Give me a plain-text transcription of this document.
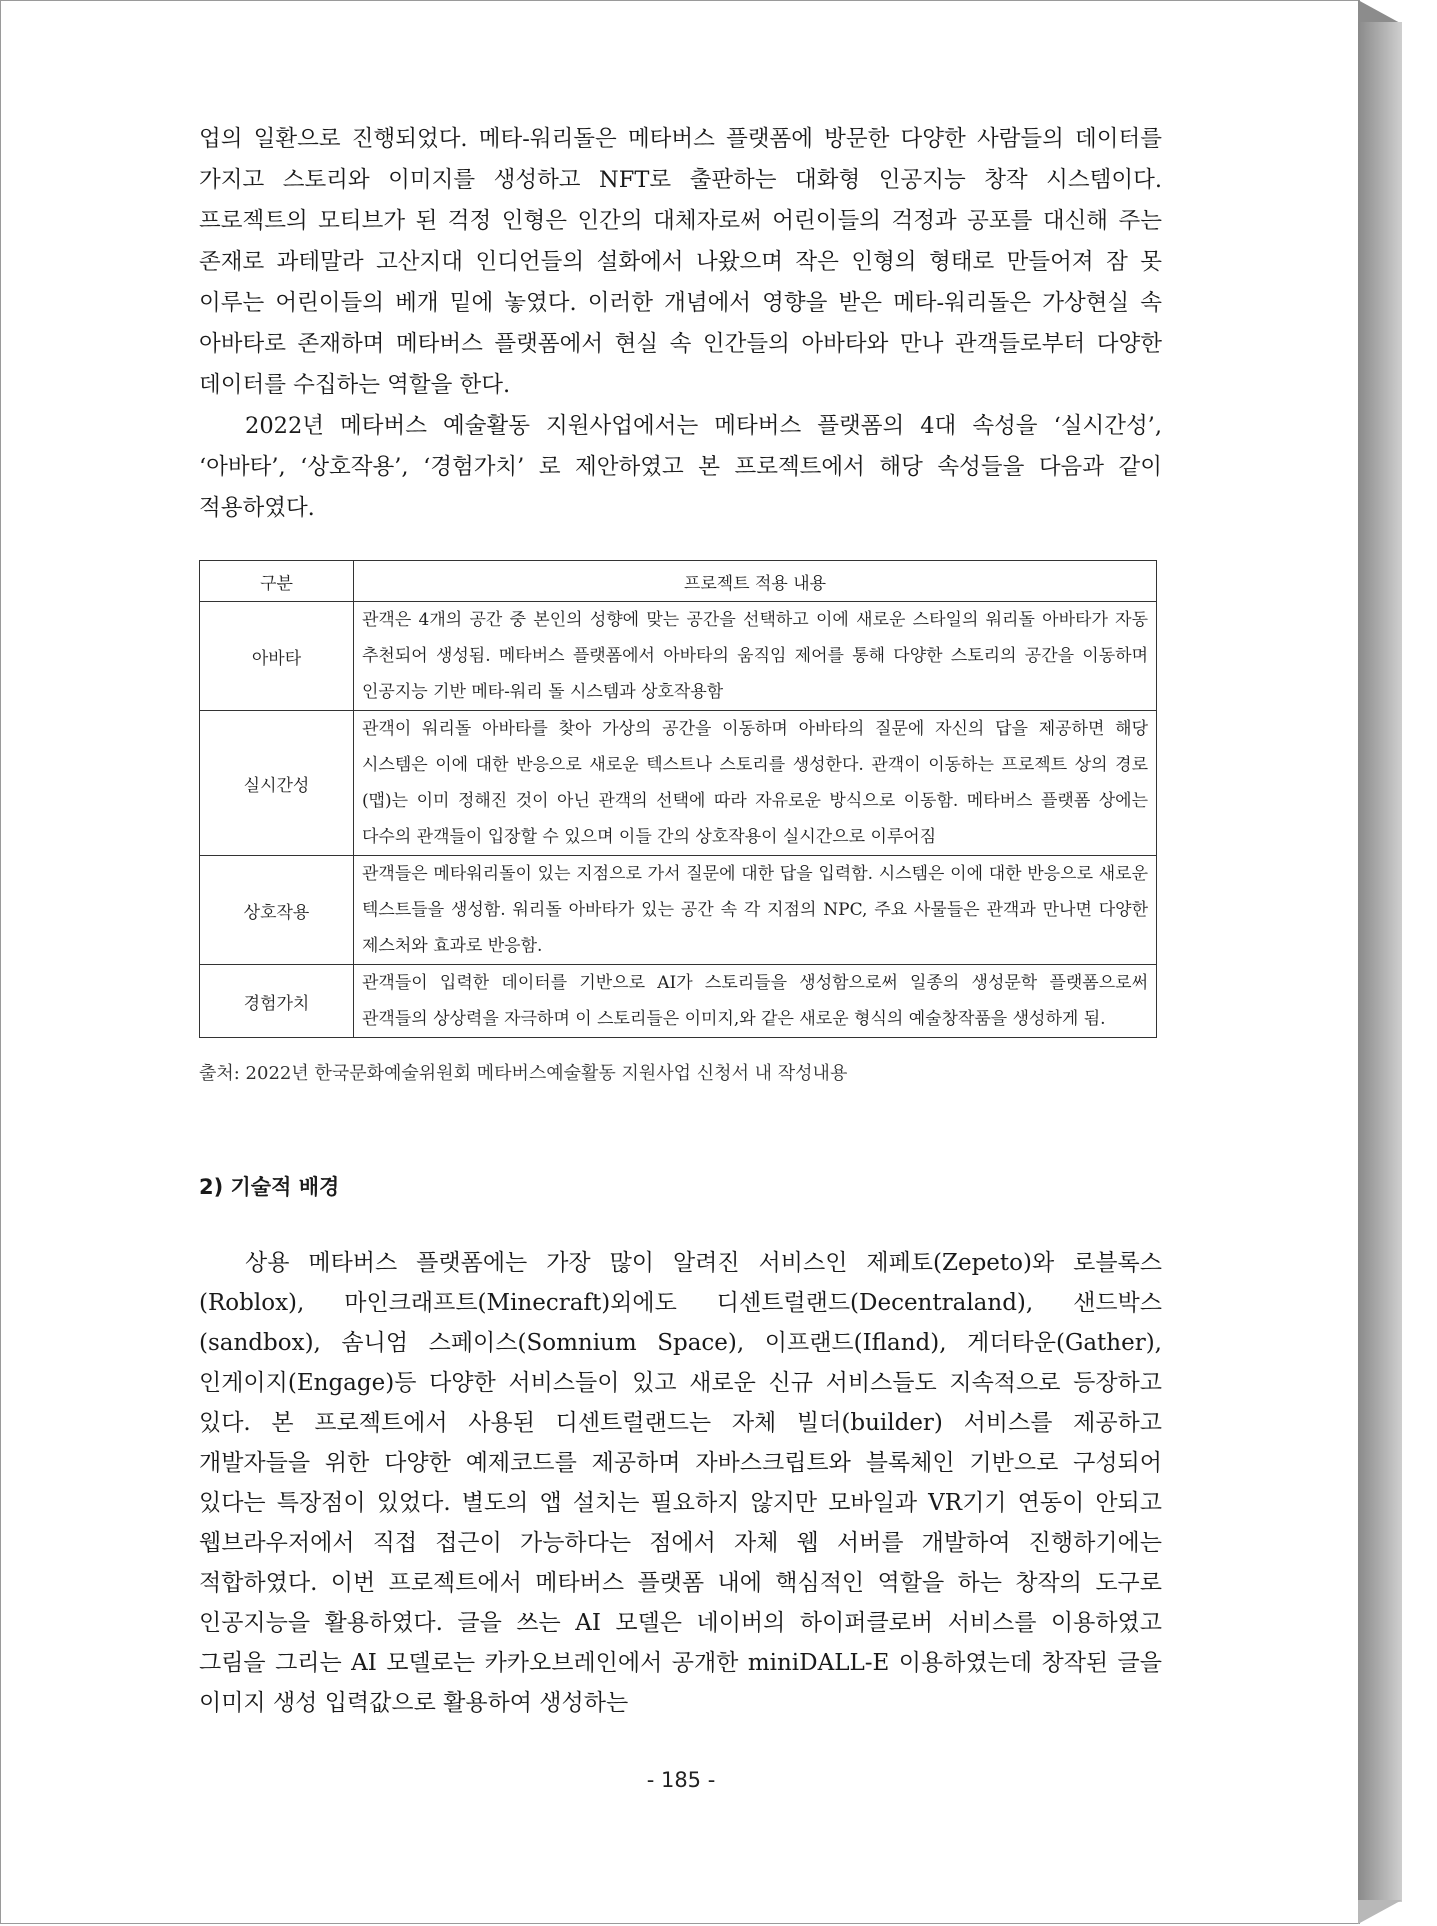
업의 일환으로 진행되었다. 메타-워리돌은 메타버스 플랫폼에 방문한 다양한 사람들의 데이터를 가지고 스토리와 이미지를 생성하고 NFT로 출판하는 대화형 인공지능 창작 시스템이다. 프로젝트의 모티브가 된 걱정 인형은 인간의 대체자로써 어린이들의 걱정과 공포를 대신해 주는 존재로 과테말라 고산지대 인디언들의 설화에서 나왔으며 작은 인형의 형태로 만들어져 잠 못 이루는 어린이들의 베개 밑에 놓였다. 이러한 개념에서 영향을 받은 메타-워리돌은 가상현실 속 아바타로 존재하며 메타버스 플랫폼에서 현실 속 인간들의 아바타와 만나 관객들로부터 다양한 데이터를 수집하는 역할을 한다.

2022년 메타버스 예술활동 지원사업에서는 메타버스 플랫폼의 4대 속성을 ‘실시간성’, ‘아바타’, ‘상호작용’, ‘경험가치’ 로 제안하였고 본 프로젝트에서 해당 속성들을 다음과 같이 적용하였다.

구분	프로젝트 적용 내용
아바타	관객은 4개의 공간 중 본인의 성향에 맞는 공간을 선택하고 이에 새로운 스타일의 워리돌 아바타가 자동 추천되어 생성됨. 메타버스 플랫폼에서 아바타의 움직임 제어를 통해 다양한 스토리의 공간을 이동하며 인공지능 기반 메타-워리 돌 시스템과 상호작용함
실시간성	관객이 워리돌 아바타를 찾아 가상의 공간을 이동하며 아바타의 질문에 자신의 답을 제공하면 해당 시스템은 이에 대한 반응으로 새로운 텍스트나 스토리를 생성한다. 관객이 이동하는 프로젝트 상의 경로(맵)는 이미 정해진 것이 아닌 관객의 선택에 따라 자유로운 방식으로 이동함. 메타버스 플랫폼 상에는 다수의 관객들이 입장할 수 있으며 이들 간의 상호작용이 실시간으로 이루어짐
상호작용	관객들은 메타워리돌이 있는 지점으로 가서 질문에 대한 답을 입력함. 시스템은 이에 대한 반응으로 새로운 텍스트들을 생성함. 워리돌 아바타가 있는 공간 속 각 지점의 NPC, 주요 사물들은 관객과 만나면 다양한 제스처와 효과로 반응함.
경험가치	관객들이 입력한 데이터를 기반으로 AI가 스토리들을 생성함으로써 일종의 생성문학 플랫폼으로써 관객들의 상상력을 자극하며 이 스토리들은 이미지,와 같은 새로운 형식의 예술창작품을 생성하게 됨.
출처: 2022년 한국문화예술위원회 메타버스예술활동 지원사업 신청서 내 작성내용
2) 기술적 배경

상용 메타버스 플랫폼에는 가장 많이 알려진 서비스인 제페토(Zepeto)와 로블록스(Roblox), 마인크래프트(Minecraft)외에도 디센트럴랜드(Decentraland), 샌드박스(sandbox), 솜니엄 스페이스(Somnium Space), 이프랜드(Ifland), 게더타운(Gather), 인게이지(Engage)등 다양한 서비스들이 있고 새로운 신규 서비스들도 지속적으로 등장하고 있다. 본 프로젝트에서 사용된 디센트럴랜드는 자체 빌더(builder) 서비스를 제공하고 개발자들을 위한 다양한 예제코드를 제공하며 자바스크립트와 블록체인 기반으로 구성되어 있다는 특장점이 있었다. 별도의 앱 설치는 필요하지 않지만 모바일과 VR기기 연동이 안되고 웹브라우저에서 직접 접근이 가능하다는 점에서 자체 웹 서버를 개발하여 진행하기에는 적합하였다. 이번 프로젝트에서 메타버스 플랫폼 내에 핵심적인 역할을 하는 창작의 도구로 인공지능을 활용하였다. 글을 쓰는 AI 모델은 네이버의 하이퍼클로버 서비스를 이용하였고 그림을 그리는 AI 모델로는 카카오브레인에서 공개한 miniDALL-E 이용하였는데 창작된 글을 이미지 생성 입력값으로 활용하여 생성하는

- 185 -
